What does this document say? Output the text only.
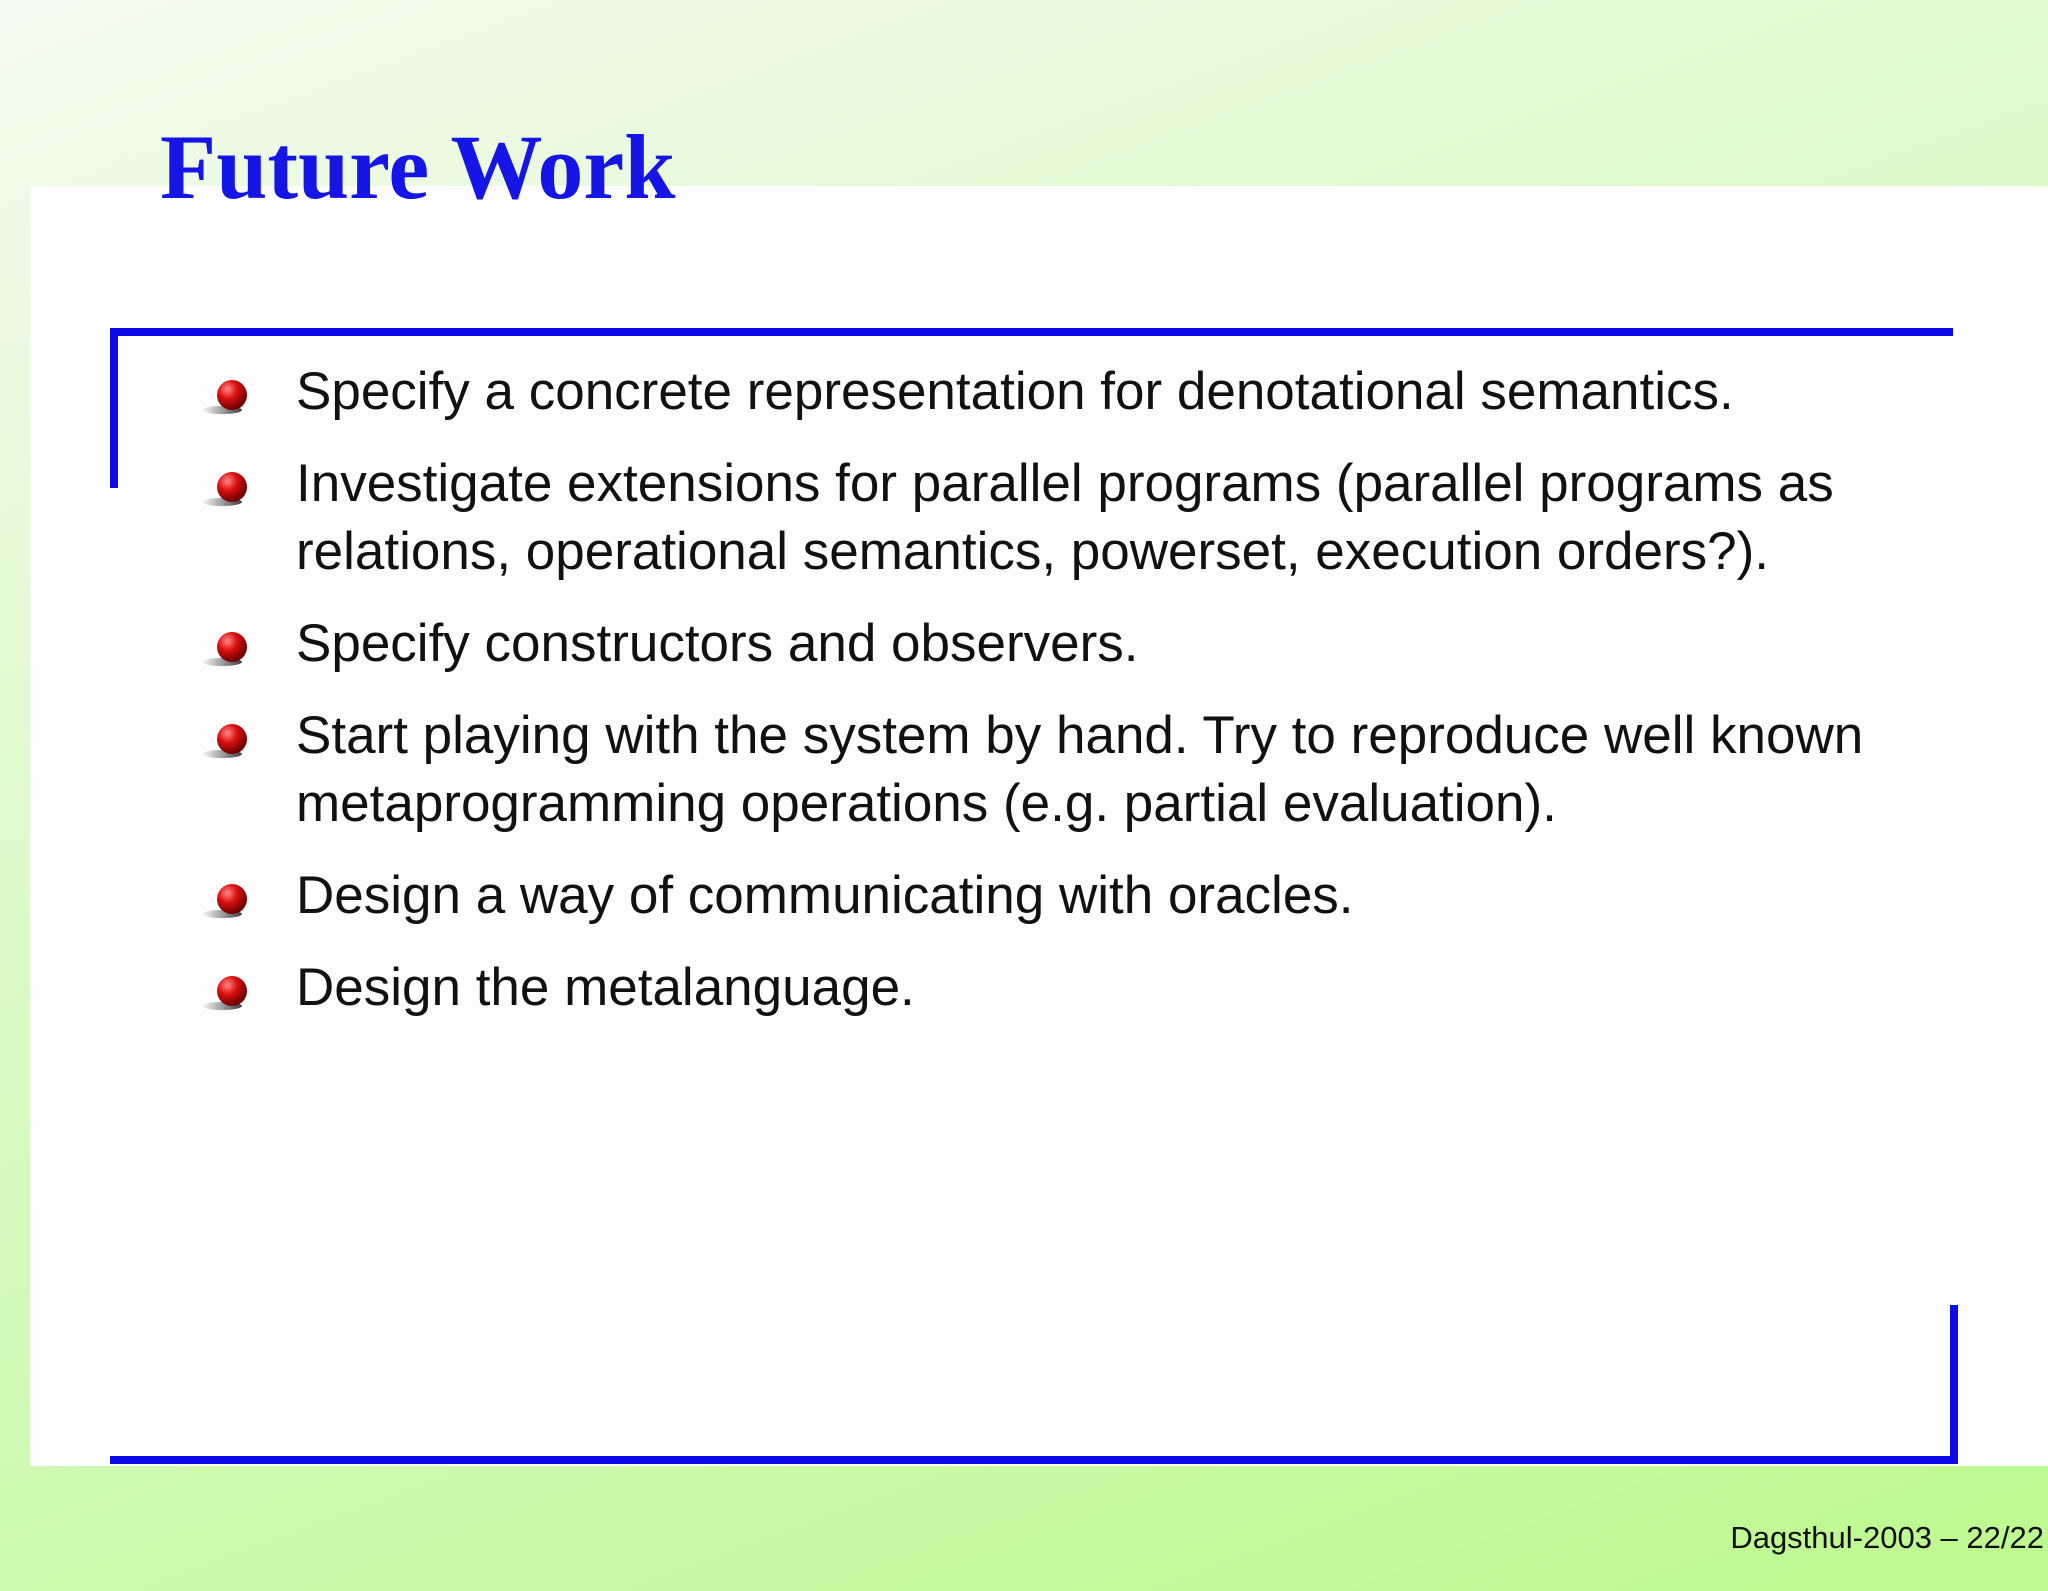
Future Work
Specify a concrete representation for denotational semantics.
Investigate extensions for parallel programs (parallel programs as relations, operational semantics, powerset, execution orders?).
Specify constructors and observers.
Start playing with the system by hand. Try to reproduce well known metaprogramming operations (e.g. partial evaluation).
Design a way of communicating with oracles.
Design the metalanguage.
Dagsthul-2003 – 22/22
